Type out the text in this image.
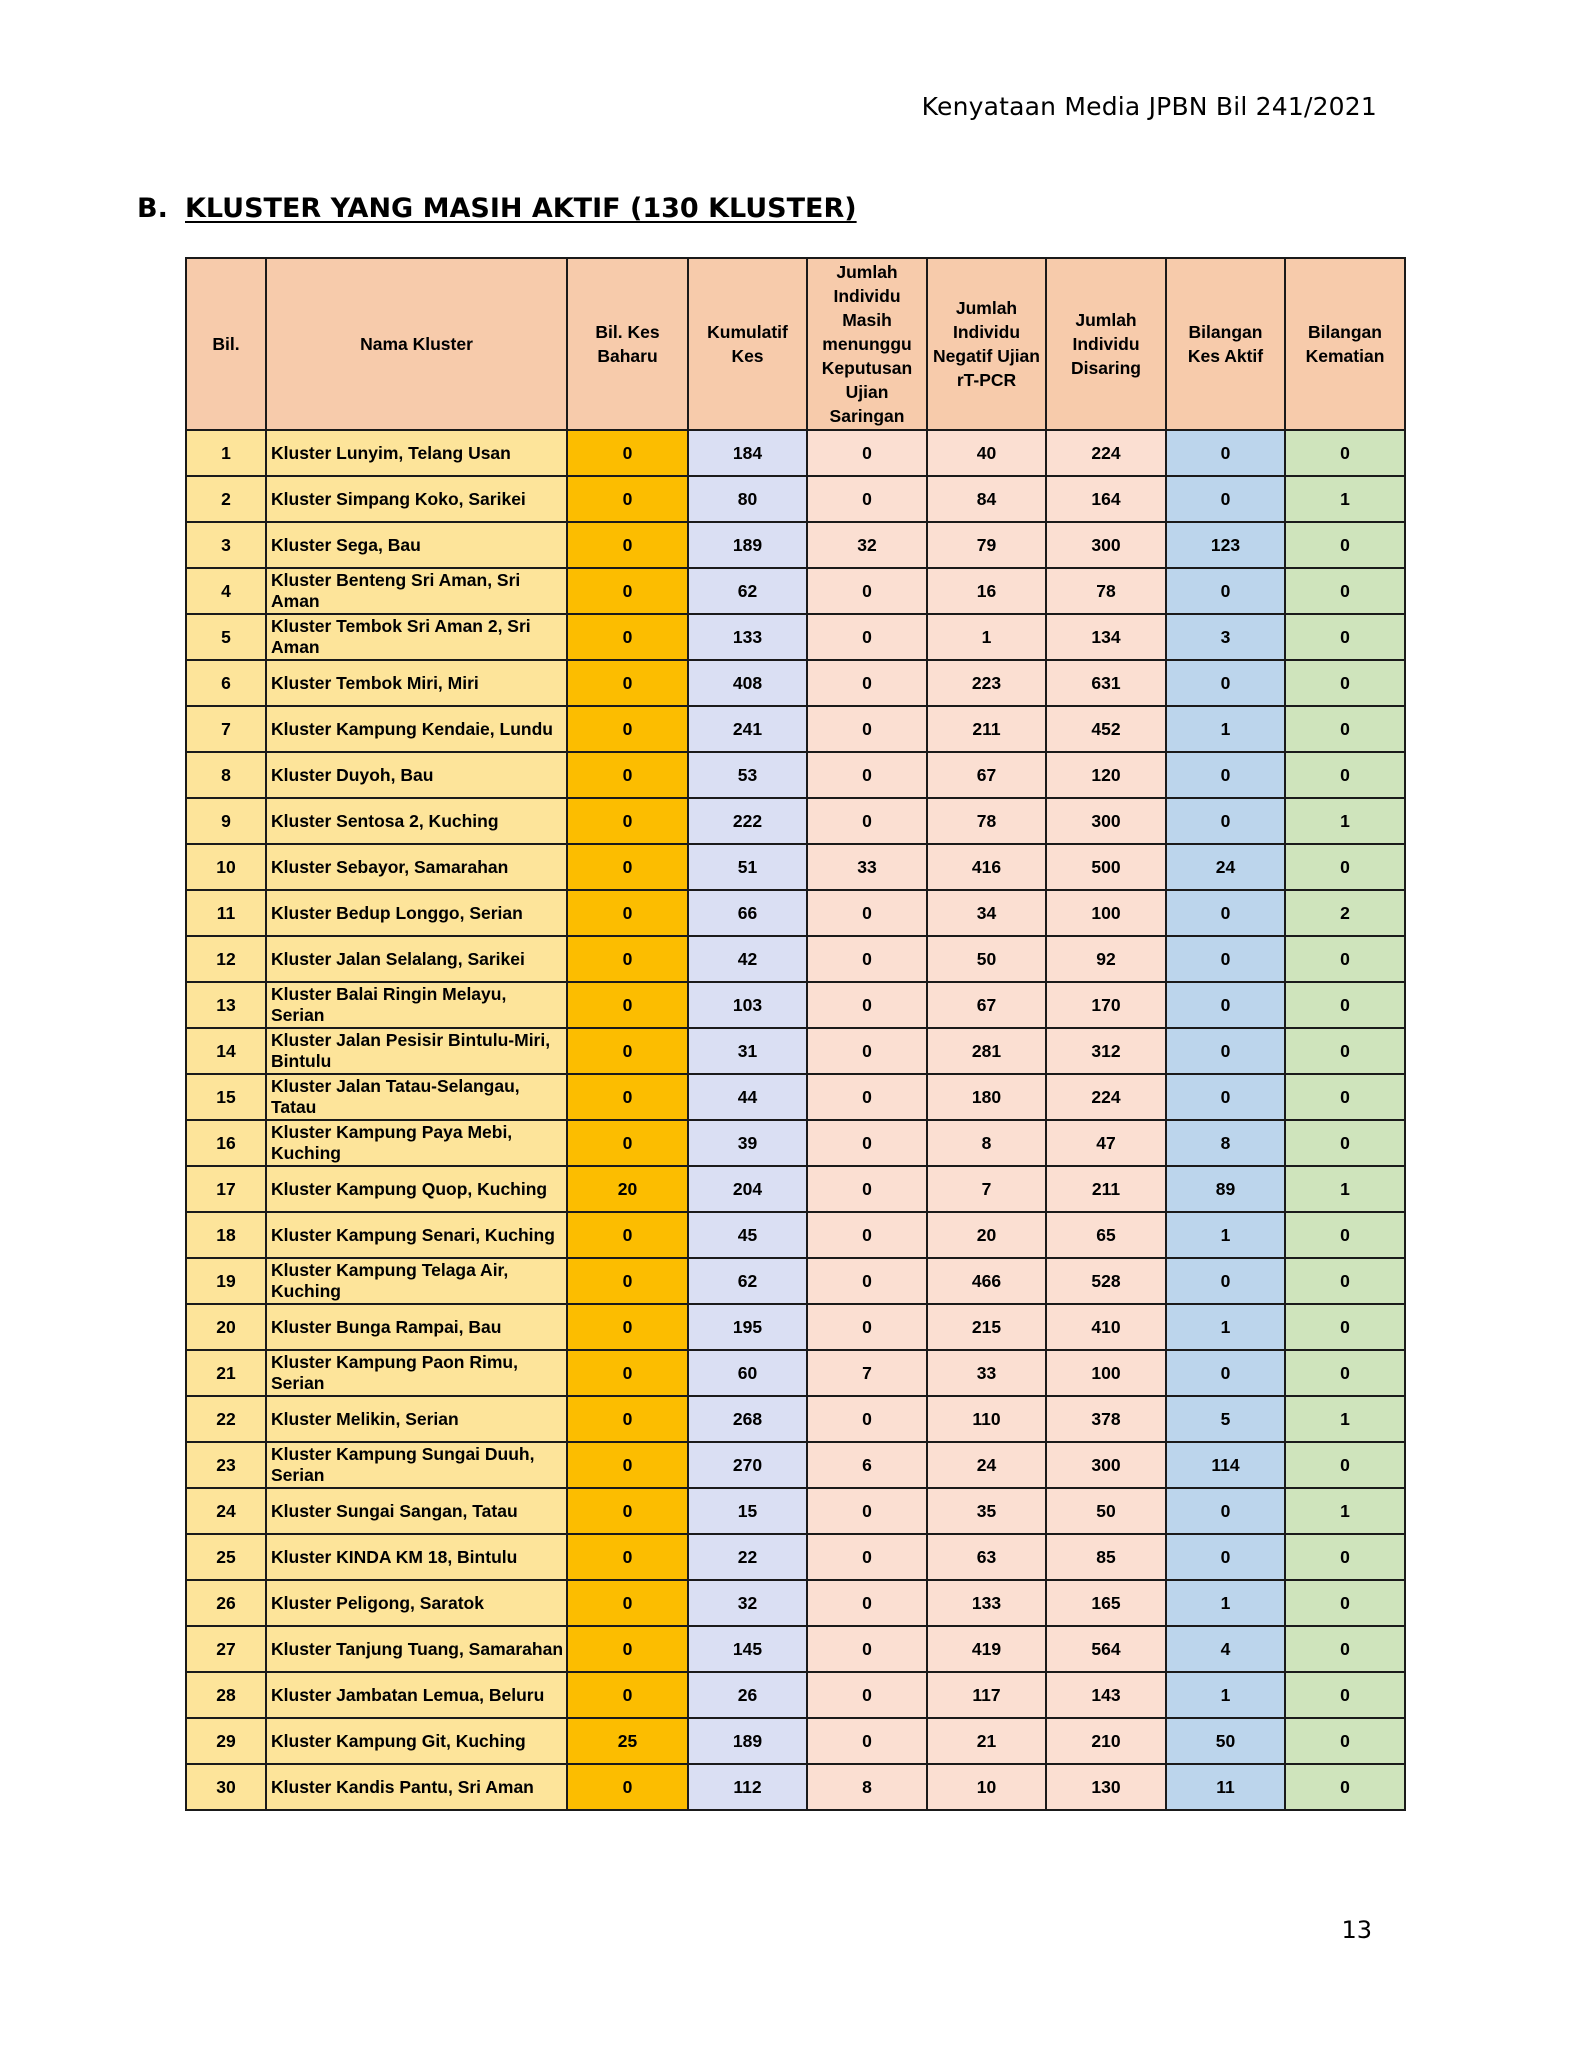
Kenyataan Media JPBN Bil 241/2021
B. KLUSTER YANG MASIH AKTIF (130 KLUSTER)
Bil.	Nama Kluster	Bil. Kes Baharu	Kumulatif Kes	Jumlah Individu Masih menunggu Keputusan Ujian Saringan	Jumlah Individu Negatif Ujian rT-PCR	Jumlah Individu Disaring	Bilangan Kes Aktif	Bilangan Kematian
1	Kluster Lunyim, Telang Usan	0	184	0	40	224	0	0
2	Kluster Simpang Koko, Sarikei	0	80	0	84	164	0	1
3	Kluster Sega, Bau	0	189	32	79	300	123	0
4	Kluster Benteng Sri Aman, Sri Aman	0	62	0	16	78	0	0
5	Kluster Tembok Sri Aman 2, Sri Aman	0	133	0	1	134	3	0
6	Kluster Tembok Miri, Miri	0	408	0	223	631	0	0
7	Kluster Kampung Kendaie, Lundu	0	241	0	211	452	1	0
8	Kluster Duyoh, Bau	0	53	0	67	120	0	0
9	Kluster Sentosa 2, Kuching	0	222	0	78	300	0	1
10	Kluster Sebayor, Samarahan	0	51	33	416	500	24	0
11	Kluster Bedup Longgo, Serian	0	66	0	34	100	0	2
12	Kluster Jalan Selalang, Sarikei	0	42	0	50	92	0	0
13	Kluster Balai Ringin Melayu, Serian	0	103	0	67	170	0	0
14	Kluster Jalan Pesisir Bintulu-Miri, Bintulu	0	31	0	281	312	0	0
15	Kluster Jalan Tatau-Selangau, Tatau	0	44	0	180	224	0	0
16	Kluster Kampung Paya Mebi, Kuching	0	39	0	8	47	8	0
17	Kluster Kampung Quop, Kuching	20	204	0	7	211	89	1
18	Kluster Kampung Senari, Kuching	0	45	0	20	65	1	0
19	Kluster Kampung Telaga Air, Kuching	0	62	0	466	528	0	0
20	Kluster Bunga Rampai, Bau	0	195	0	215	410	1	0
21	Kluster Kampung Paon Rimu, Serian	0	60	7	33	100	0	0
22	Kluster Melikin, Serian	0	268	0	110	378	5	1
23	Kluster Kampung Sungai Duuh, Serian	0	270	6	24	300	114	0
24	Kluster Sungai Sangan, Tatau	0	15	0	35	50	0	1
25	Kluster KINDA KM 18, Bintulu	0	22	0	63	85	0	0
26	Kluster Peligong, Saratok	0	32	0	133	165	1	0
27	Kluster Tanjung Tuang, Samarahan	0	145	0	419	564	4	0
28	Kluster Jambatan Lemua, Beluru	0	26	0	117	143	1	0
29	Kluster Kampung Git, Kuching	25	189	0	21	210	50	0
30	Kluster Kandis Pantu, Sri Aman	0	112	8	10	130	11	0
13
